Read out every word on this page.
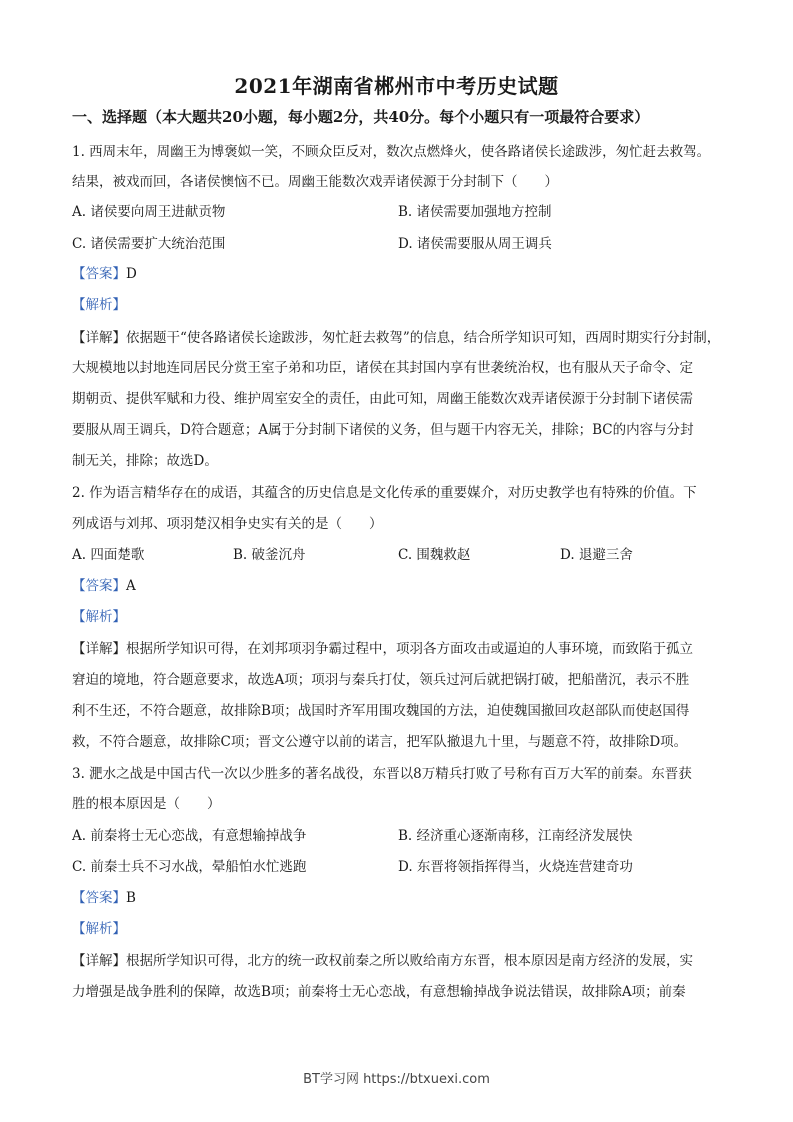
2021年湖南省郴州市中考历史试题
一、选择题（本大题共20小题，每小题2分，共40分。每个小题只有一项最符合要求）
1. 西周末年，周幽王为博褒姒一笑，不顾众臣反对，数次点燃烽火，使各路诸侯长途跋涉，匆忙赶去救驾。
结果，被戏而回，各诸侯懊恼不已。周幽王能数次戏弄诸侯源于分封制下（　　）
A. 诸侯要向周王进献贡物	B. 诸侯需要加强地方控制
C. 诸侯需要扩大统治范围	D. 诸侯需要服从周王调兵
【答案】D
【解析】
【详解】依据题干“使各路诸侯长途跋涉，匆忙赶去救驾”的信息，结合所学知识可知，西周时期实行分封制，
大规模地以封地连同居民分赏王室子弟和功臣，诸侯在其封国内享有世袭统治权，也有服从天子命令、定
期朝贡、提供军赋和力役、维护周室安全的责任，由此可知，周幽王能数次戏弄诸侯源于分封制下诸侯需
要服从周王调兵，D符合题意；A属于分封制下诸侯的义务，但与题干内容无关，排除；BC的内容与分封
制无关，排除；故选D。
2. 作为语言精华存在的成语，其蕴含的历史信息是文化传承的重要媒介，对历史教学也有特殊的价值。下
列成语与刘邦、项羽楚汉相争史实有关的是（　　）
A. 四面楚歌	B. 破釜沉舟	C. 围魏救赵	D. 退避三舍
【答案】A
【解析】
【详解】根据所学知识可得，在刘邦项羽争霸过程中，项羽各方面攻击或逼迫的人事环境，而致陷于孤立
窘迫的境地，符合题意要求，故选A项；项羽与秦兵打仗，领兵过河后就把锅打破，把船凿沉，表示不胜
利不生还，不符合题意，故排除B项；战国时齐军用围攻魏国的方法，迫使魏国撤回攻赵部队而使赵国得
救，不符合题意，故排除C项；晋文公遵守以前的诺言，把军队撤退九十里，与题意不符，故排除D项。
3. 淝水之战是中国古代一次以少胜多的著名战役，东晋以8万精兵打败了号称有百万大军的前秦。东晋获
胜的根本原因是（　　）
A. 前秦将士无心恋战，有意想输掉战争	B. 经济重心逐渐南移，江南经济发展快
C. 前秦士兵不习水战，晕船怕水忙逃跑	D. 东晋将领指挥得当，火烧连营建奇功
【答案】B
【解析】
【详解】根据所学知识可得，北方的统一政权前秦之所以败给南方东晋，根本原因是南方经济的发展，实
力增强是战争胜利的保障，故选B项；前秦将士无心恋战，有意想输掉战争说法错误，故排除A项；前秦
BT学习网 https://btxuexi.com
